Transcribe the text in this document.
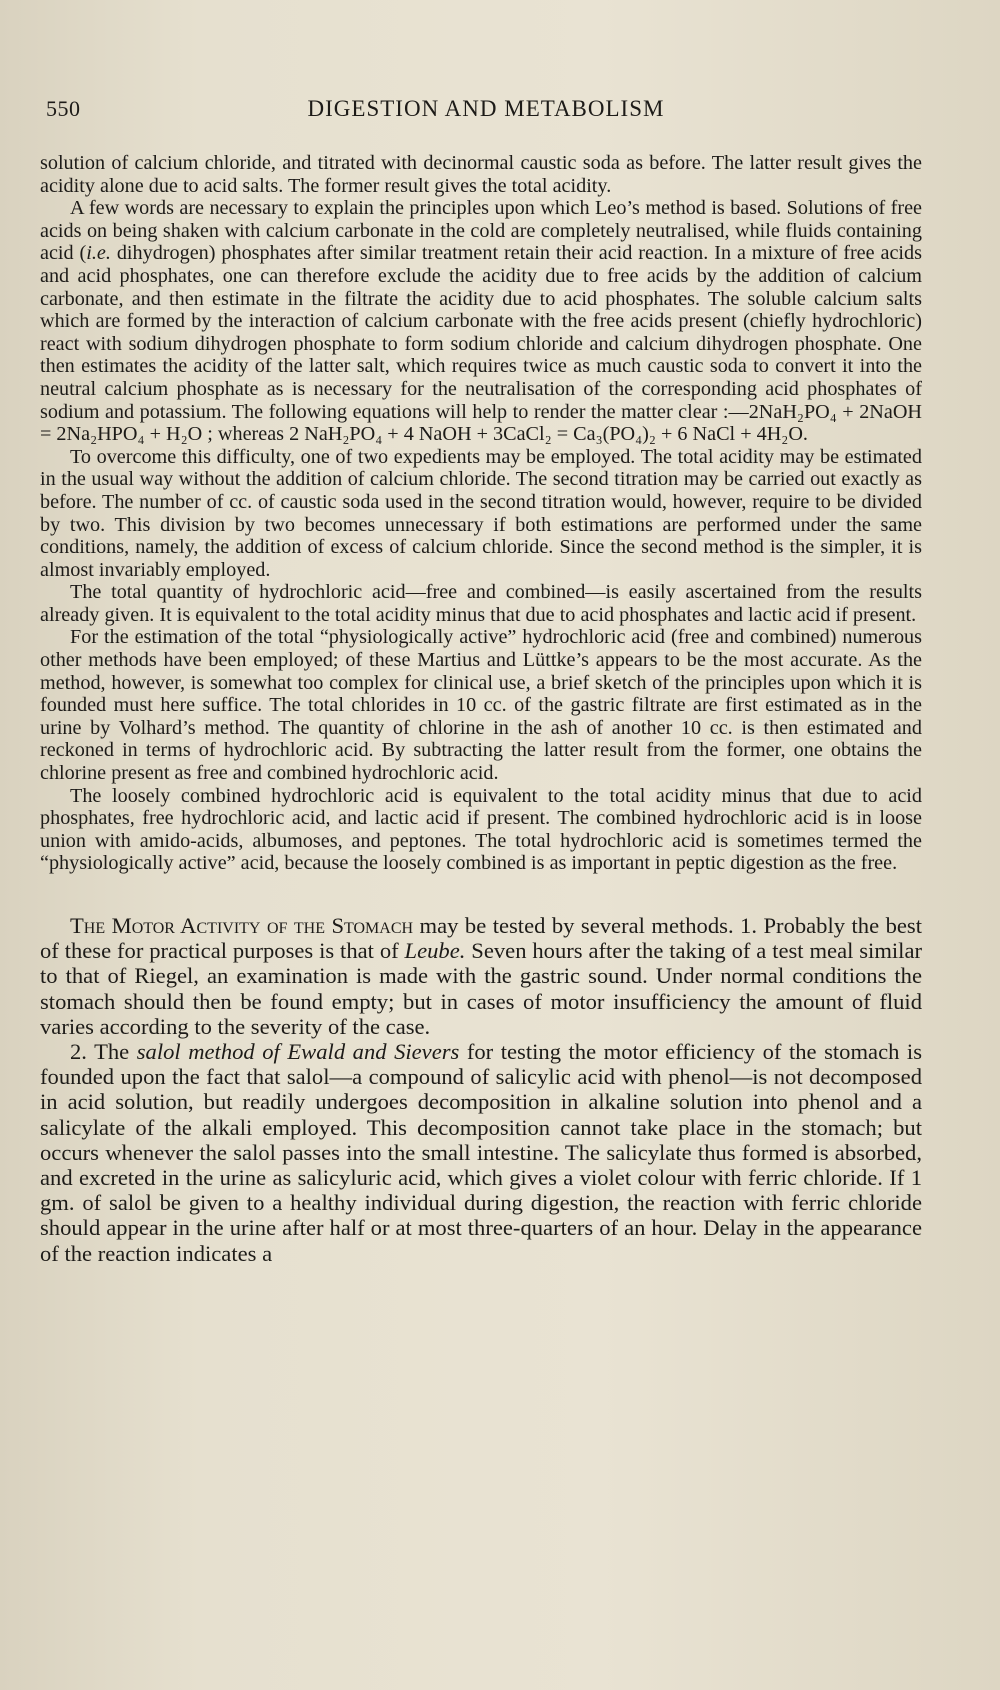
550	DIGESTION AND METABOLISM

solution of calcium chloride, and titrated with decinormal caustic soda as before. The latter result gives the acidity alone due to acid salts. The former result gives the total acidity.

A few words are necessary to explain the principles upon which Leo’s method is based. Solutions of free acids on being shaken with calcium carbonate in the cold are completely neutralised, while fluids containing acid (i.e. dihydrogen) phosphates after similar treatment retain their acid reaction. In a mixture of free acids and acid phosphates, one can therefore exclude the acidity due to free acids by the addition of calcium carbonate, and then estimate in the filtrate the acidity due to acid phosphates. The soluble calcium salts which are formed by the interaction of calcium carbonate with the free acids present (chiefly hydrochloric) react with sodium dihydrogen phosphate to form sodium chloride and calcium dihydrogen phosphate. One then estimates the acidity of the latter salt, which requires twice as much caustic soda to convert it into the neutral calcium phosphate as is necessary for the neutralisation of the corresponding acid phosphates of sodium and potassium. The following equations will help to render the matter clear :—2NaH₂PO₄ + 2NaOH = 2Na₂HPO₄ + H₂O ; whereas 2 NaH₂PO₄ + 4 NaOH + 3CaCl₂ = Ca₃(PO₄)₂ + 6 NaCl + 4H₂O.

To overcome this difficulty, one of two expedients may be employed. The total acidity may be estimated in the usual way without the addition of calcium chloride. The second titration may be carried out exactly as before. The number of cc. of caustic soda used in the second titration would, however, require to be divided by two. This division by two becomes unnecessary if both estimations are performed under the same conditions, namely, the addition of excess of calcium chloride. Since the second method is the simpler, it is almost invariably employed.

The total quantity of hydrochloric acid—free and combined—is easily ascertained from the results already given. It is equivalent to the total acidity minus that due to acid phosphates and lactic acid if present.

For the estimation of the total “physiologically active” hydrochloric acid (free and combined) numerous other methods have been employed; of these Martius and Lüttke’s appears to be the most accurate. As the method, however, is somewhat too complex for clinical use, a brief sketch of the principles upon which it is founded must here suffice. The total chlorides in 10 cc. of the gastric filtrate are first estimated as in the urine by Volhard’s method. The quantity of chlorine in the ash of another 10 cc. is then estimated and reckoned in terms of hydrochloric acid. By subtracting the latter result from the former, one obtains the chlorine present as free and combined hydrochloric acid.

The loosely combined hydrochloric acid is equivalent to the total acidity minus that due to acid phosphates, free hydrochloric acid, and lactic acid if present. The combined hydrochloric acid is in loose union with amido-acids, albumoses, and peptones. The total hydrochloric acid is sometimes termed the “physiologically active” acid, because the loosely combined is as important in peptic digestion as the free.

The Motor Activity of the Stomach may be tested by several methods. 1. Probably the best of these for practical purposes is that of Leube. Seven hours after the taking of a test meal similar to that of Riegel, an examination is made with the gastric sound. Under normal conditions the stomach should then be found empty; but in cases of motor insufficiency the amount of fluid varies according to the severity of the case.

2. The salol method of Ewald and Sievers for testing the motor efficiency of the stomach is founded upon the fact that salol—a compound of salicylic acid with phenol—is not decomposed in acid solution, but readily undergoes decomposition in alkaline solution into phenol and a salicylate of the alkali employed. This decomposition cannot take place in the stomach; but occurs whenever the salol passes into the small intestine. The salicylate thus formed is absorbed, and excreted in the urine as salicyluric acid, which gives a violet colour with ferric chloride. If 1 gm. of salol be given to a healthy individual during digestion, the reaction with ferric chloride should appear in the urine after half or at most three-quarters of an hour. Delay in the appearance of the reaction indicates a
